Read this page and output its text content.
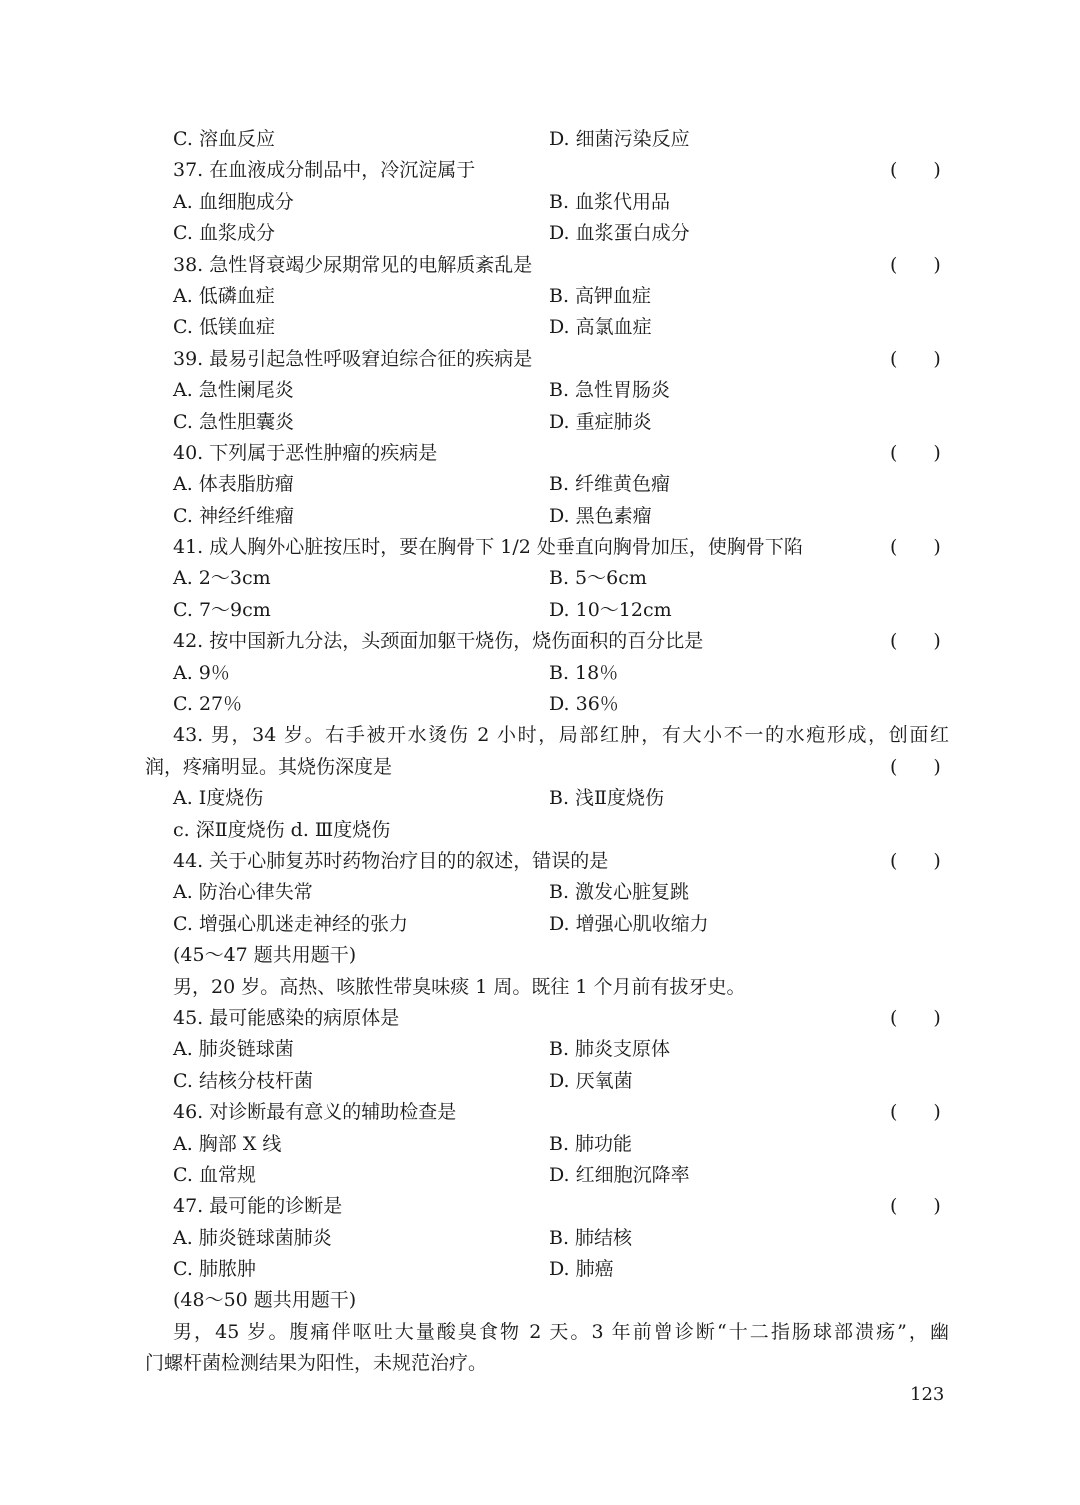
C. 溶血反应	D. 细菌污染反应
37. 在血液成分制品中，冷沉淀属于	( )
A. 血细胞成分	B. 血浆代用品
C. 血浆成分	D. 血浆蛋白成分
38. 急性肾衰竭少尿期常见的电解质紊乱是	( )
A. 低磷血症	B. 高钾血症
C. 低镁血症	D. 高氯血症
39. 最易引起急性呼吸窘迫综合征的疾病是	( )
A. 急性阑尾炎	B. 急性胃肠炎
C. 急性胆囊炎	D. 重症肺炎
40. 下列属于恶性肿瘤的疾病是	( )
A. 体表脂肪瘤	B. 纤维黄色瘤
C. 神经纤维瘤	D. 黑色素瘤
41. 成人胸外心脏按压时，要在胸骨下 1/2 处垂直向胸骨加压，使胸骨下陷	( )
A. 2～3cm	B. 5～6cm
C. 7～9cm	D. 10～12cm
42. 按中国新九分法，头颈面加躯干烧伤，烧伤面积的百分比是	( )
A. 9％	B. 18％
C. 27％	D. 36％
43. 男，34 岁。右手被开水烫伤 2 小时，局部红肿，有大小不一的水疱形成，创面红
润，疼痛明显。其烧伤深度是	( )
A. Ⅰ度烧伤	B. 浅Ⅱ度烧伤
c. 深Ⅱ度烧伤 d. Ⅲ度烧伤
44. 关于心肺复苏时药物治疗目的的叙述，错误的是	( )
A. 防治心律失常	B. 激发心脏复跳
C. 增强心肌迷走神经的张力	D. 增强心肌收缩力
(45～47 题共用题干)
男，20 岁。高热、咳脓性带臭味痰 1 周。既往 1 个月前有拔牙史。
45. 最可能感染的病原体是	( )
A. 肺炎链球菌	B. 肺炎支原体
C. 结核分枝杆菌	D. 厌氧菌
46. 对诊断最有意义的辅助检查是	( )
A. 胸部 X 线	B. 肺功能
C. 血常规	D. 红细胞沉降率
47. 最可能的诊断是	( )
A. 肺炎链球菌肺炎	B. 肺结核
C. 肺脓肿	D. 肺癌
(48～50 题共用题干)
男，45 岁。腹痛伴呕吐大量酸臭食物 2 天。3 年前曾诊断“十二指肠球部溃疡”，幽
门螺杆菌检测结果为阳性，未规范治疗。
123
